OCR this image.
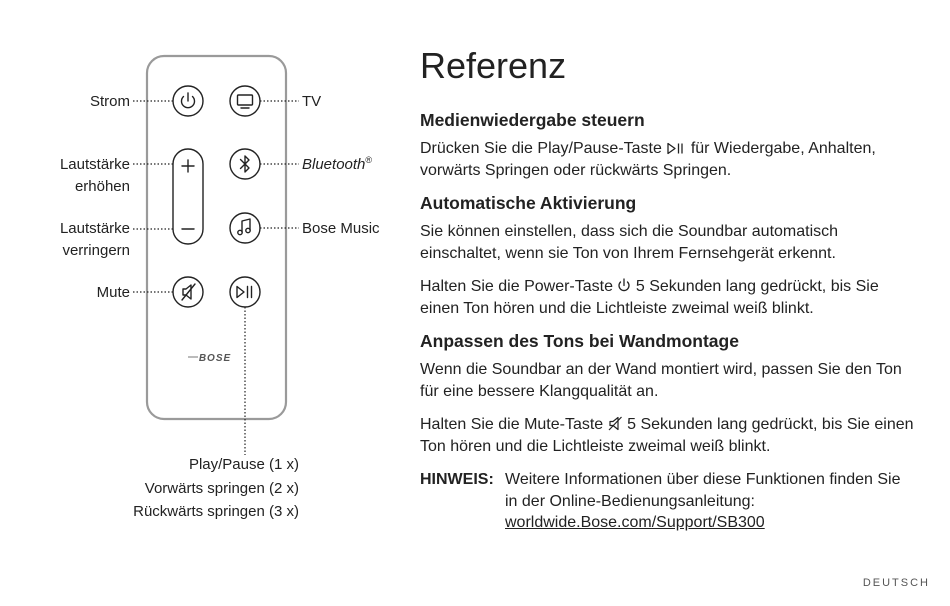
BOSE
Strom	TV
Lautstärke
erhöhen
Bluetooth®
Lautstärke
verringern
Bose Music
Mute
Play/Pause (1 x)
Vorwärts springen (2 x)
Rückwärts springen (3 x)
Referenz
Medienwiedergabe steuern

Drücken Sie die Play/Pause-Taste für Wiedergabe, Anhalten, vorwärts Springen oder rückwärts Springen.

Automatische Aktivierung

Sie können einstellen, dass sich die Soundbar automatisch einschaltet, wenn sie Ton von Ihrem Fernsehgerät erkennt.

Halten Sie die Power-Taste 5 Sekunden lang gedrückt, bis Sie einen Ton hören und die Lichtleiste zweimal weiß blinkt.

Anpassen des Tons bei Wandmontage

Wenn die Soundbar an der Wand montiert wird, passen Sie den Ton für eine bessere Klangqualität an.

Halten Sie die Mute-Taste 5 Sekunden lang gedrückt, bis Sie einen Ton hören und die Lichtleiste zweimal weiß blinkt.

HINWEIS: Weitere Informationen über diese Funktionen finden Sie in der Online-Bedienungsanleitung:
worldwide.Bose.com/Support/SB300
DEUTSCH
